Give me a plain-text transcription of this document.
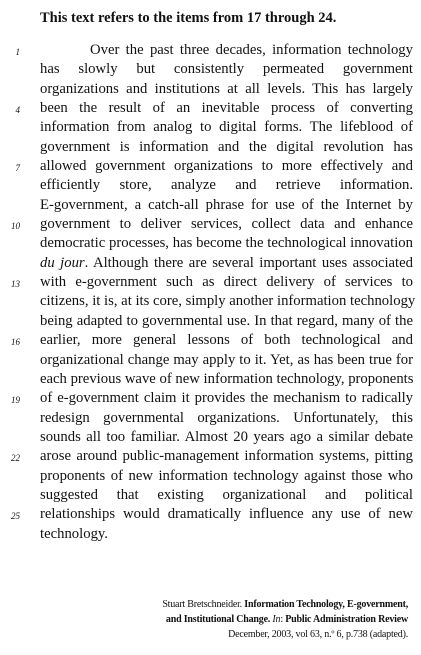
This text refers to the items from 17 through 24.
1
4
7
10
13
16
19
22
25
Over the past three decades, information technology
has slowly but consistently permeated government
organizations and institutions at all levels. This has largely
been the result of an inevitable process of converting
information from analog to digital forms. The lifeblood of
government is information and the digital revolution has
allowed government organizations to more effectively and
efficiently store, analyze and retrieve information.
E-government, a catch-all phrase for use of the Internet by
government to deliver services, collect data and enhance
democratic processes, has become the technological innovation
du jour. Although there are several important uses associated
with e-government such as direct delivery of services to
citizens, it is, at its core, simply another information technology
being adapted to governmental use. In that regard, many of the
earlier, more general lessons of both technological and
organizational change may apply to it. Yet, as has been true for
each previous wave of new information technology, proponents
of e-government claim it provides the mechanism to radically
redesign governmental organizations. Unfortunately, this
sounds all too familiar. Almost 20 years ago a similar debate
arose around public-management information systems, pitting
proponents of new information technology against those who
suggested that existing organizational and political
relationships would dramatically influence any use of new
technology.
Stuart Bretschneider. Information Technology, E-government,
and Institutional Change. In: Public Administration Review
December, 2003, vol 63, n.º 6, p.738 (adapted).
